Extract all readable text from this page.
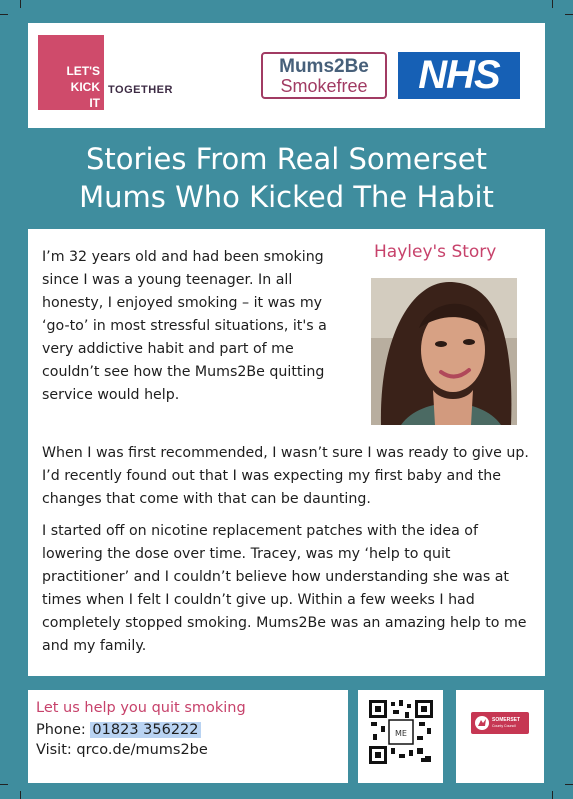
LET'S
KICK
IT
TOGETHER
Mums2Be
Smokefree	NHS
Stories From Real Somerset
Mums Who Kicked The Habit

I’m 32 years old and had been smoking since I was a young teenager. In all honesty, I enjoyed smoking – it was my ‘go-to’ in most stressful situations, it's a very addictive habit and part of me couldn’t see how the Mums2Be quitting service would help.

Hayley's Story

When I was first recommended, I wasn’t sure I was ready to give up. I’d recently found out that I was expecting my first baby and the changes that come with that can be daunting.

I started off on nicotine replacement patches with the idea of lowering the dose over time. Tracey, was my ‘help to quit practitioner’ and I couldn’t believe how understanding she was at times when I felt I couldn’t give up. Within a few weeks I had completely stopped smoking. Mums2Be was an amazing help to me and my family.

Let us help you quit smoking
Phone: 01823 356222
Visit: qrco.de/mums2be
ME
SOMERSET
County Council
